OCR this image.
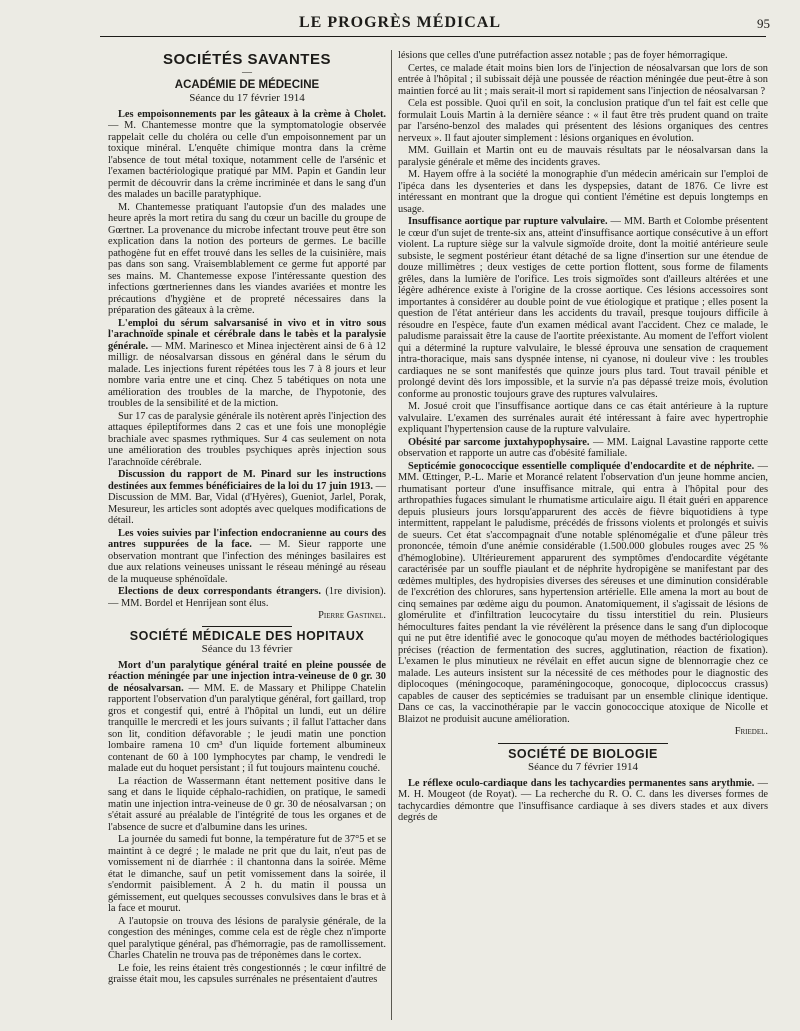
LE PROGRÈS MÉDICAL	95
SOCIÉTÉS SAVANTES
—
ACADÉMIE DE MÉDECINE
Séance du 17 février 1914

Les empoisonnements par les gâteaux à la crème à Cholet. — M. Chantemesse montre que la symptomatologie observée rappelait celle du choléra ou celle d'un empoisonnement par un toxique minéral. L'enquête chimique montra dans la crème l'absence de tout métal toxique, notamment celle de l'arsénic et l'examen bactériologique pratiqué par MM. Papin et Gandin leur permit de découvrir dans la crème incriminée et dans le sang d'un des malades un bacille paratyphique.

M. Chantemesse pratiquant l'autopsie d'un des malades une heure après la mort retira du sang du cœur un bacille du groupe de Gœrtner. La provenance du microbe infectant trouve peut être son explication dans la notion des porteurs de germes. Le bacille pathogène fut en effet trouvé dans les selles de la cuisinière, mais pas dans son sang. Vraisemblablement ce germe fut apporté par ses mains. M. Chantemesse expose l'intéressante question des infections gœrtneriennes dans les viandes avariées et montre les précautions d'hygiène et de propreté nécessaires dans la préparation des gâteaux à la crème.

L'emploi du sérum salvarsanisé in vivo et in vitro sous l'arachnoïde spinale et cérébrale dans le tabès et la paralysie générale. — MM. Marinesco et Minea injectèrent ainsi de 6 à 12 milligr. de néosalvarsan dissous en général dans le sérum du malade. Les injections furent répétées tous les 7 à 8 jours et leur nombre varia entre une et cinq. Chez 5 tabétiques on nota une amélioration des troubles de la marche, de l'hypotonie, des troubles de la sensibilité et de la miction.

Sur 17 cas de paralysie générale ils notèrent après l'injection des attaques épileptiformes dans 2 cas et une fois une monoplégie brachiale avec spasmes rythmiques. Sur 4 cas seulement on nota une amélioration des troubles psychiques après injection sous l'arachnoïde cérébrale.

Discussion du rapport de M. Pinard sur les instructions destinées aux femmes bénéficiaires de la loi du 17 juin 1913. — Discussion de MM. Bar, Vidal (d'Hyères), Gueniot, Jarlel, Porak, Mesureur, les articles sont adoptés avec quelques modifications de détail.

Les voies suivies par l'infection endocranienne au cours des antres suppurées de la face. — M. Sieur rapporte une observation montrant que l'infection des méninges basilaires est due aux relations veineuses unissant le réseau méningé au réseau de la muqueuse sphénoïdale.

Elections de deux correspondants étrangers. (1re division). — MM. Bordel et Henrijean sont élus.

Pierre Gastinel.
SOCIÉTÉ MÉDICALE DES HOPITAUX
Séance du 13 février

Mort d'un paralytique général traité en pleine poussée de réaction méningée par une injection intra-veineuse de 0 gr. 30 de néosalvarsan. — MM. E. de Massary et Philippe Chatelin rapportent l'observation d'un paralytique général, fort gaillard, trop gros et congestif qui, entré à l'hôpital un lundi, eut un délire tranquille le mercredi et les jours suivants ; il fallut l'attacher dans son lit, condition défavorable ; le jeudi matin une ponction lombaire ramena 10 cm³ d'un liquide fortement albumineux contenant de 60 à 100 lymphocytes par champ, le vendredi le malade eut du hoquet persistant ; il fut toujours maintenu couché.

La réaction de Wassermann étant nettement positive dans le sang et dans le liquide céphalo-rachidien, on pratique, le samedi matin une injection intra-veineuse de 0 gr. 30 de néosalvarsan ; on s'était assuré au préalable de l'intégrité de tous les organes et de l'absence de sucre et d'albumine dans les urines.

La journée du samedi fut bonne, la température fut de 37°5 et se maintint à ce degré ; le malade ne prit que du lait, n'eut pas de vomissement ni de diarrhée : il chantonna dans la soirée. Même état le dimanche, sauf un petit vomissement dans la soirée, il s'endormit paisiblement. A 2 h. du matin il poussa un gémissement, eut quelques secousses convulsives dans le bras et à la face et mourut.

A l'autopsie on trouva des lésions de paralysie générale, de la congestion des méninges, comme cela est de règle chez n'importe quel paralytique général, pas d'hémorragie, pas de ramollissement. Charles Chatelin ne trouva pas de tréponèmes dans le cortex.

Le foie, les reins étaient très congestionnés ; le cœur infiltré de graisse était mou, les capsules surrénales ne présentaient d'autres

lésions que celles d'une putréfaction assez notable ; pas de foyer hémorragique.

Certes, ce malade était moins bien lors de l'injection de néosalvarsan que lors de son entrée à l'hôpital ; il subissait déjà une poussée de réaction méningée due peut-être à son maintien forcé au lit ; mais serait-il mort si rapidement sans l'injection de néosalvarsan ?

Cela est possible. Quoi qu'il en soit, la conclusion pratique d'un tel fait est celle que formulait Louis Martin à la dernière séance : « il faut être très prudent quand on traite par l'arséno-benzol des malades qui présentent des lésions organiques des centres nerveux ». Il faut ajouter simplement : lésions organiques en évolution.

MM. Guillain et Martin ont eu de mauvais résultats par le néosalvarsan dans la paralysie générale et même des incidents graves.

M. Hayem offre à la société la monographie d'un médecin américain sur l'emploi de l'ipéca dans les dysenteries et dans les dyspepsies, datant de 1876. Ce livre est intéressant en montrant que la drogue qui contient l'émétine est depuis longtemps en usage.

Insuffisance aortique par rupture valvulaire. — MM. Barth et Colombe présentent le cœur d'un sujet de trente-six ans, atteint d'insuffisance aortique consécutive à un effort violent. La rupture siège sur la valvule sigmoïde droite, dont la moitié antérieure seule subsiste, le segment postérieur étant détaché de sa ligne d'insertion sur une étendue de douze millimètres ; deux vestiges de cette portion flottent, sous forme de filaments grêles, dans la lumière de l'orifice. Les trois sigmoïdes sont d'ailleurs altérées et une légère adhérence existe à l'origine de la crosse aortique. Ces lésions accessoires sont importantes à considérer au double point de vue étiologique et pratique ; elles posent la question de l'état antérieur dans les accidents du travail, presque toujours difficile à résoudre en l'espèce, faute d'un examen médical avant l'accident. Chez ce malade, le paludisme paraissait être la cause de l'aortite préexistante. Au moment de l'effort violent qui a déterminé la rupture valvulaire, le blessé éprouva une sensation de craquement intra-thoracique, mais sans dyspnée intense, ni cyanose, ni douleur vive : les troubles cardiaques ne se sont manifestés que quinze jours plus tard. Tout travail pénible et prolongé devint dès lors impossible, et la survie n'a pas dépassé treize mois, évolution conforme au pronostic toujours grave des ruptures valvulaires.

M. Josué croit que l'insuffisance aortique dans ce cas était antérieure à la rupture valvulaire. L'examen des surrénales aurait été intéressant à faire avec hypertrophie expliquant l'hypertension cause de la rupture valvulaire.

Obésité par sarcome juxtahypophysaire. — MM. Laignal Lavastine rapporte cette observation et rapporte un autre cas d'obésité familiale.

Septicémie gonococcique essentielle compliquée d'endocardite et de néphrite. — MM. Œttinger, P.-L. Marie et Morancé relatent l'observation d'un jeune homme ancien, rhumatisant porteur d'une insuffisance mitrale, qui entra à l'hôpital pour des arthropathies fugaces simulant le rhumatisme articulaire aigu. Il était guéri en apparence depuis plusieurs jours lorsqu'apparurent des accès de fièvre biquotidiens à type intermittent, rappelant le paludisme, précédés de frissons violents et prolongés et suivis de sueurs. Cet état s'accompagnait d'une notable splénomégalie et d'une pâleur très prononcée, témoin d'une anémie considérable (1.500.000 globules rouges avec 25 % d'hémoglobine). Ultérieurement apparurent des symptômes d'endocardite végétante caractérisée par un souffle piaulant et de néphrite hydropigène se manifestant par des œdèmes multiples, des hydropisies diverses des séreuses et une diminution considérable de l'excrétion des chlorures, sans hypertension artérielle. Elle amena la mort au bout de cinq semaines par œdème aigu du poumon. Anatomiquement, il s'agissait de lésions de glomérulite et d'infiltration leucocytaire du tissu interstitiel du rein. Plusieurs hémocultures faites pendant la vie révélèrent la présence dans le sang d'un diplocoque qui ne put être identifié avec le gonocoque qu'au moyen de méthodes bactériologiques précises (réaction de fermentation des sucres, agglutination, réaction de fixation). L'examen le plus minutieux ne révélait en effet aucun signe de blennorragie chez ce malade. Les auteurs insistent sur la nécessité de ces méthodes pour le diagnostic des diplocoques (méningocoque, paraméningocoque, gonocoque, diplococcus crassus) capables de causer des septicémies se traduisant par un ensemble clinique identique. Dans ce cas, la vaccinothérapie par le vaccin gonococcique atoxique de Nicolle et Blaizot ne produisit aucune amélioration.

Friedel.
SOCIÉTÉ DE BIOLOGIE
Séance du 7 février 1914

Le réflexe oculo-cardiaque dans les tachycardies permanentes sans arythmie. — M. H. Mougeot (de Royat). — La recherche du R. O. C. dans les diverses formes de tachycardies démontre que l'insuffisance cardiaque à ses divers stades et aux divers degrés de
